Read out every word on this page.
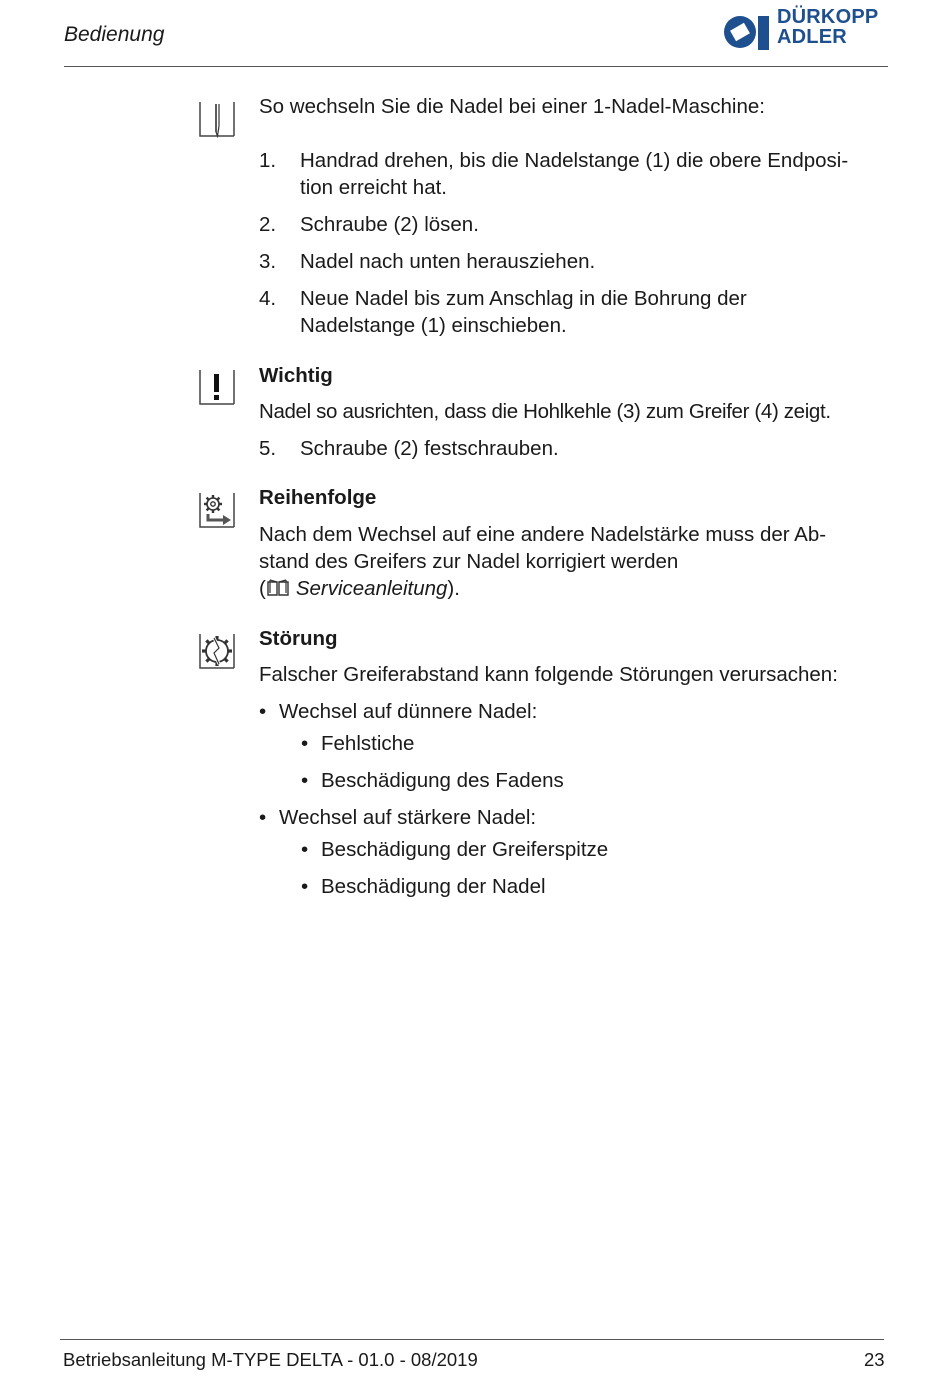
Bedienung
DÜRKOPP
ADLER
So wechseln Sie die Nadel bei einer 1-Nadel-Maschine:
1. Handrad drehen, bis die Nadelstange (1) die obere Endposi-
tion erreicht hat.
2. Schraube (2) lösen.
3. Nadel nach unten herausziehen.
4. Neue Nadel bis zum Anschlag in die Bohrung der
Nadelstange (1) einschieben.
Wichtig
Nadel so ausrichten, dass die Hohlkehle (3) zum Greifer (4) zeigt.
5. Schraube (2) festschrauben.
Reihenfolge
Nach dem Wechsel auf eine andere Nadelstärke muss der Ab-
stand des Greifers zur Nadel korrigiert werden
( Serviceanleitung).
Störung
Falscher Greiferabstand kann folgende Störungen verursachen:
• Wechsel auf dünnere Nadel:
• Fehlstiche
• Beschädigung des Fadens
• Wechsel auf stärkere Nadel:
• Beschädigung der Greiferspitze
• Beschädigung der Nadel
Betriebsanleitung M-TYPE DELTA - 01.0 - 08/2019	23
